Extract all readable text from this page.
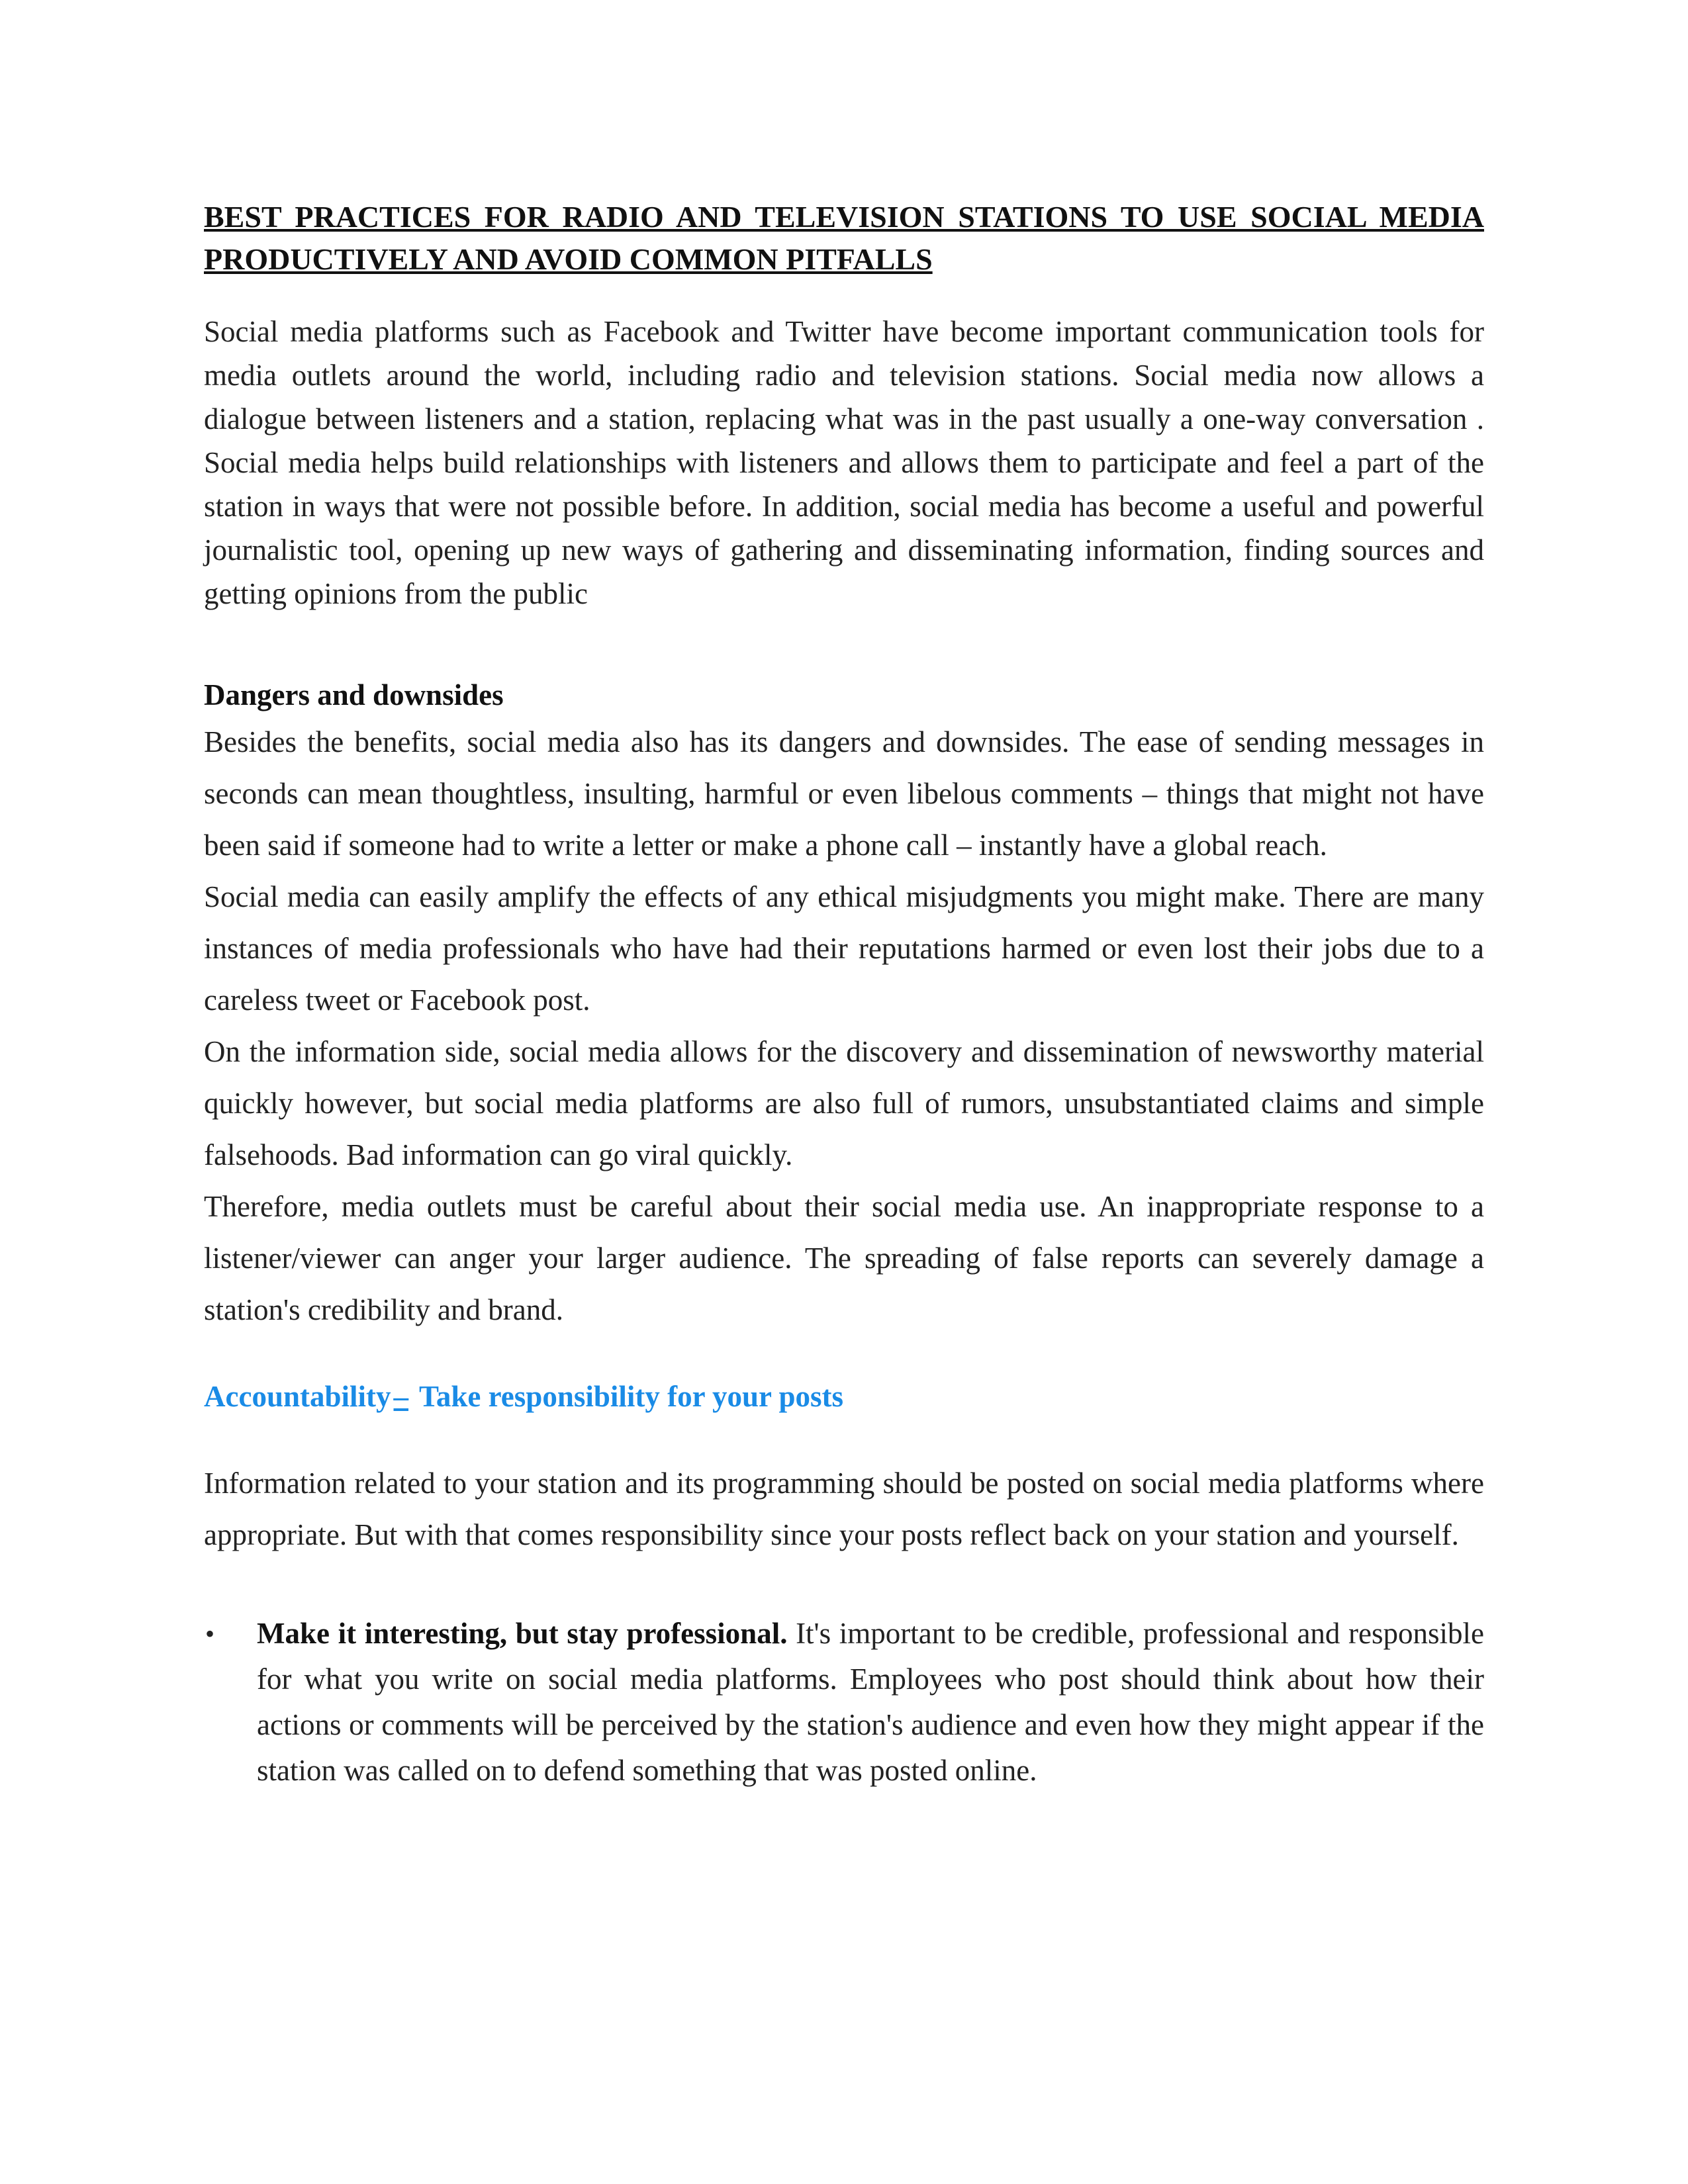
BEST PRACTICES FOR RADIO AND TELEVISION STATIONS TO USE SOCIAL MEDIA PRODUCTIVELY AND AVOID COMMON PITFALLS

Social media platforms such as Facebook and Twitter have become important communication tools for media outlets around the world, including radio and television stations. Social media now allows a dialogue between listeners and a station, replacing what was in the past usually a one-way conversation . Social media helps build relationships with listeners and allows them to participate and feel a part of the station in ways that were not possible before. In addition, social media has become a useful and powerful journalistic tool, opening up new ways of gathering and disseminating information, finding sources and getting opinions from the public

Dangers and downsides

Besides the benefits, social media also has its dangers and downsides. The ease of sending messages in seconds can mean thoughtless, insulting, harmful or even libelous comments – things that might not have been said if someone had to write a letter or make a phone call – instantly have a global reach.

Social media can easily amplify the effects of any ethical misjudgments you might make. There are many instances of media professionals who have had their reputations harmed or even lost their jobs due to a careless tweet or Facebook post.

On the information side, social media allows for the discovery and dissemination of newsworthy material quickly however, but social media platforms are also full of rumors, unsubstantiated claims and simple falsehoods. Bad information can go viral quickly.

Therefore, media outlets must be careful about their social media use. An inappropriate response to a listener/viewer can anger your larger audience. The spreading of false reports can severely damage a station's credibility and brand.

Accountability– Take responsibility for your posts

Information related to your station and its programming should be posted on social media platforms where appropriate. But with that comes responsibility since your posts reflect back on your station and yourself.

• Make it interesting, but stay professional. It's important to be credible, professional and responsible for what you write on social media platforms. Employees who post should think about how their actions or comments will be perceived by the station's audience and even how they might appear if the station was called on to defend something that was posted online.
